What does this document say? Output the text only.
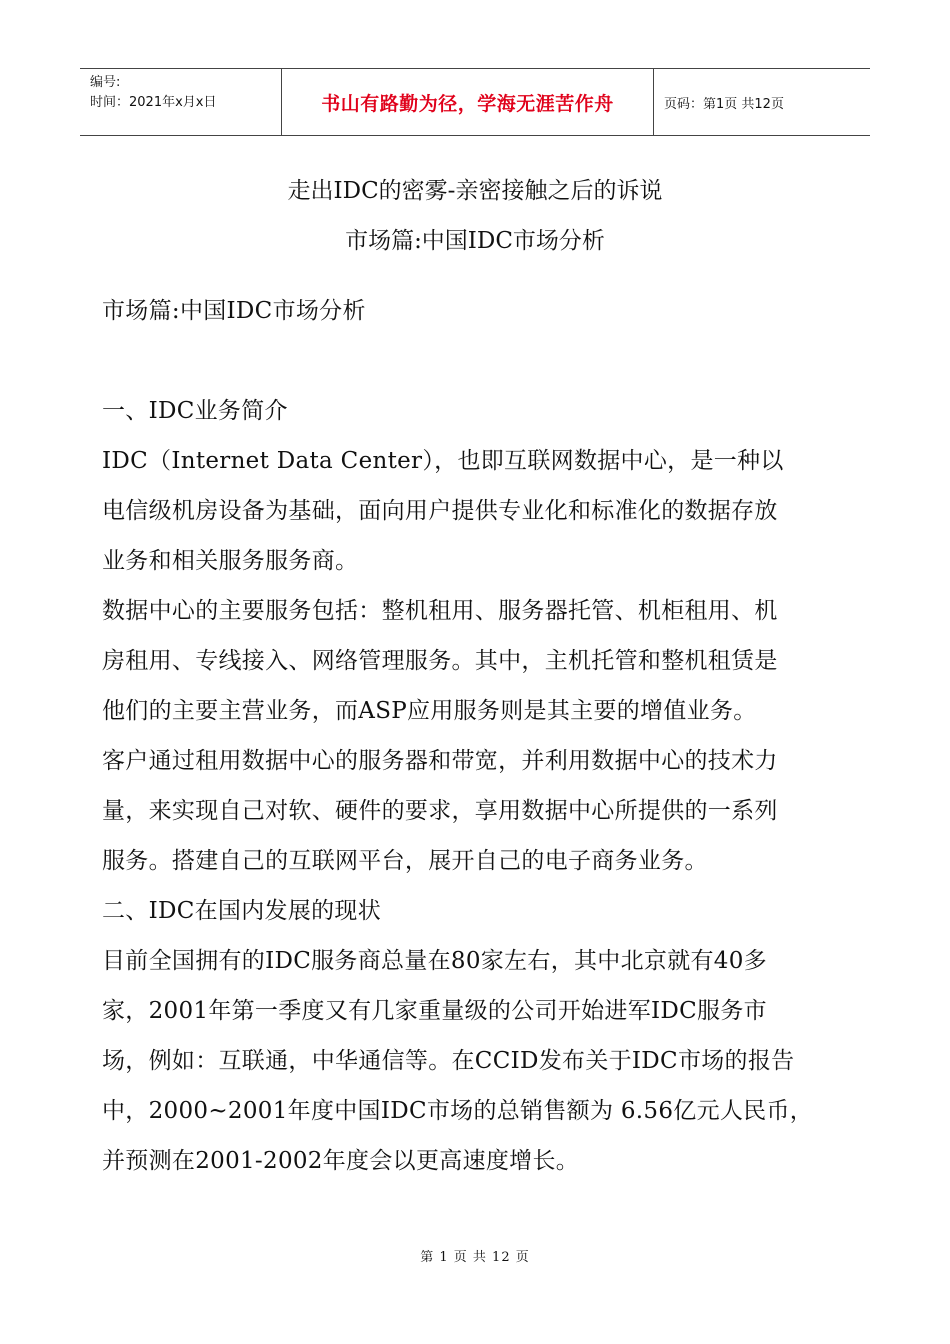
编号:
时间：2021年x月x日	书山有路勤为径，学海无涯苦作舟	页码：第1页 共12页
走出IDC的密雾-亲密接触之后的诉说
市场篇:中国IDC市场分析

市场篇:中国IDC市场分析

一、IDC业务简介

IDC（Internet Data Center），也即互联网数据中心，是一种以

电信级机房设备为基础，面向用户提供专业化和标准化的数据存放

业务和相关服务服务商。

数据中心的主要服务包括：整机租用、服务器托管、机柜租用、机

房租用、专线接入、网络管理服务。其中，主机托管和整机租赁是

他们的主要主营业务，而ASP应用服务则是其主要的增值业务。

客户通过租用数据中心的服务器和带宽，并利用数据中心的技术力

量，来实现自己对软、硬件的要求，享用数据中心所提供的一系列

服务。搭建自己的互联网平台，展开自己的电子商务业务。

二、IDC在国内发展的现状

目前全国拥有的IDC服务商总量在80家左右，其中北京就有40多

家，2001年第一季度又有几家重量级的公司开始进军IDC服务市

场，例如：互联通，中华通信等。在CCID发布关于IDC市场的报告

中，2000~2001年度中国IDC市场的总销售额为 6.56亿元人民币，

并预测在2001-2002年度会以更高速度增长。

第 1 页 共 12 页
